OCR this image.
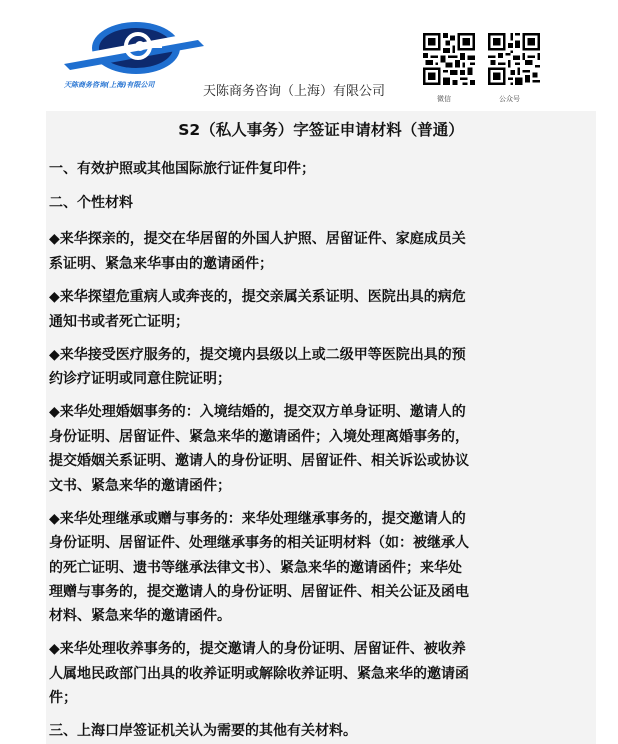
天陈商务咨询(上海)有限公司	天陈商务咨询（上海）有限公司	微信	公众号
S2（私人事务）字签证申请材料（普通）
一、有效护照或其他国际旅行证件复印件；
二、个性材料
◆来华探亲的，提交在华居留的外国人护照、居留证件、家庭成员关
系证明、紧急来华事由的邀请函件；
◆来华探望危重病人或奔丧的，提交亲属关系证明、医院出具的病危
通知书或者死亡证明；
◆来华接受医疗服务的，提交境内县级以上或二级甲等医院出具的预
约诊疗证明或同意住院证明；
◆来华处理婚姻事务的：入境结婚的，提交双方单身证明、邀请人的
身份证明、居留证件、紧急来华的邀请函件；入境处理离婚事务的，
提交婚姻关系证明、邀请人的身份证明、居留证件、相关诉讼或协议
文书、紧急来华的邀请函件；
◆来华处理继承或赠与事务的：来华处理继承事务的，提交邀请人的
身份证明、居留证件、处理继承事务的相关证明材料（如：被继承人
的死亡证明、遗书等继承法律文书）、紧急来华的邀请函件；来华处
理赠与事务的，提交邀请人的身份证明、居留证件、相关公证及函电
材料、紧急来华的邀请函件。
◆来华处理收养事务的，提交邀请人的身份证明、居留证件、被收养
人属地民政部门出具的收养证明或解除收养证明、紧急来华的邀请函
件；
三、上海口岸签证机关认为需要的其他有关材料。
